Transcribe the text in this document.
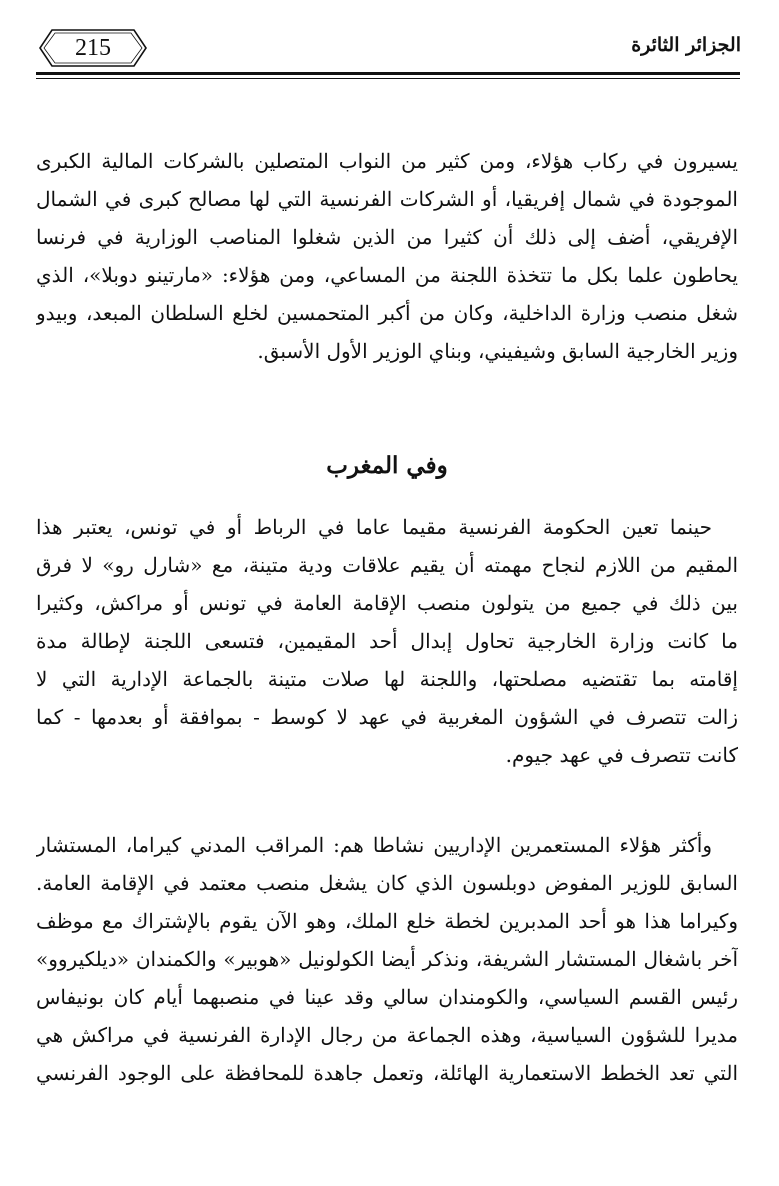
215	الجزائر الثائرة
يسيرون في ركاب هؤلاء، ومن كثير من النواب المتصلين بالشركات المالية الكبرى
الموجودة في شمال إفريقيا، أو الشركات الفرنسية التي لها مصالح كبرى في الشمال
الإفريقي، أضف إلى ذلك أن كثيرا من الذين شغلوا المناصب الوزارية في فرنسا
يحاطون علما بكل ما تتخذة اللجنة من المساعي، ومن هؤلاء: «مارتينو دوبلا»، الذي
شغل منصب وزارة الداخلية، وكان من أكبر المتحمسين لخلع السلطان المبعد، وبيدو
وزير الخارجية السابق وشيفيني، وبناي الوزير الأول الأسبق.
وفي المغرب
حينما تعين الحكومة الفرنسية مقيما عاما في الرباط أو في تونس، يعتبر هذا
المقيم من اللازم لنجاح مهمته أن يقيم علاقات ودية متينة، مع «شارل رو» لا فرق
بين ذلك في جميع من يتولون منصب الإقامة العامة في تونس أو مراكش، وكثيرا
ما كانت وزارة الخارجية تحاول إبدال أحد المقيمين، فتسعى اللجنة لإطالة مدة
إقامته بما تقتضيه مصلحتها، واللجنة لها صلات متينة بالجماعة الإدارية التي لا
زالت تتصرف في الشؤون المغربية في عهد لا كوسط - بموافقة أو بعدمها - كما
كانت تتصرف في عهد جيوم.
وأكثر هؤلاء المستعمرين الإداريين نشاطا هم: المراقب المدني كيراما، المستشار
السابق للوزير المفوض دوبلسون الذي كان يشغل منصب معتمد في الإقامة العامة.
وكيراما هذا هو أحد المدبرين لخطة خلع الملك، وهو الآن يقوم بالإشتراك مع موظف
آخر باشغال المستشار الشريفة، ونذكر أيضا الكولونيل «هوبير» والكمندان «ديلكيروو»
رئيس القسم السياسي، والكومندان سالي وقد عينا في منصبهما أيام كان بونيفاس
مديرا للشؤون السياسية، وهذه الجماعة من رجال الإدارة الفرنسية في مراكش هي
التي تعد الخطط الاستعمارية الهائلة، وتعمل جاهدة للمحافظة على الوجود الفرنسي
